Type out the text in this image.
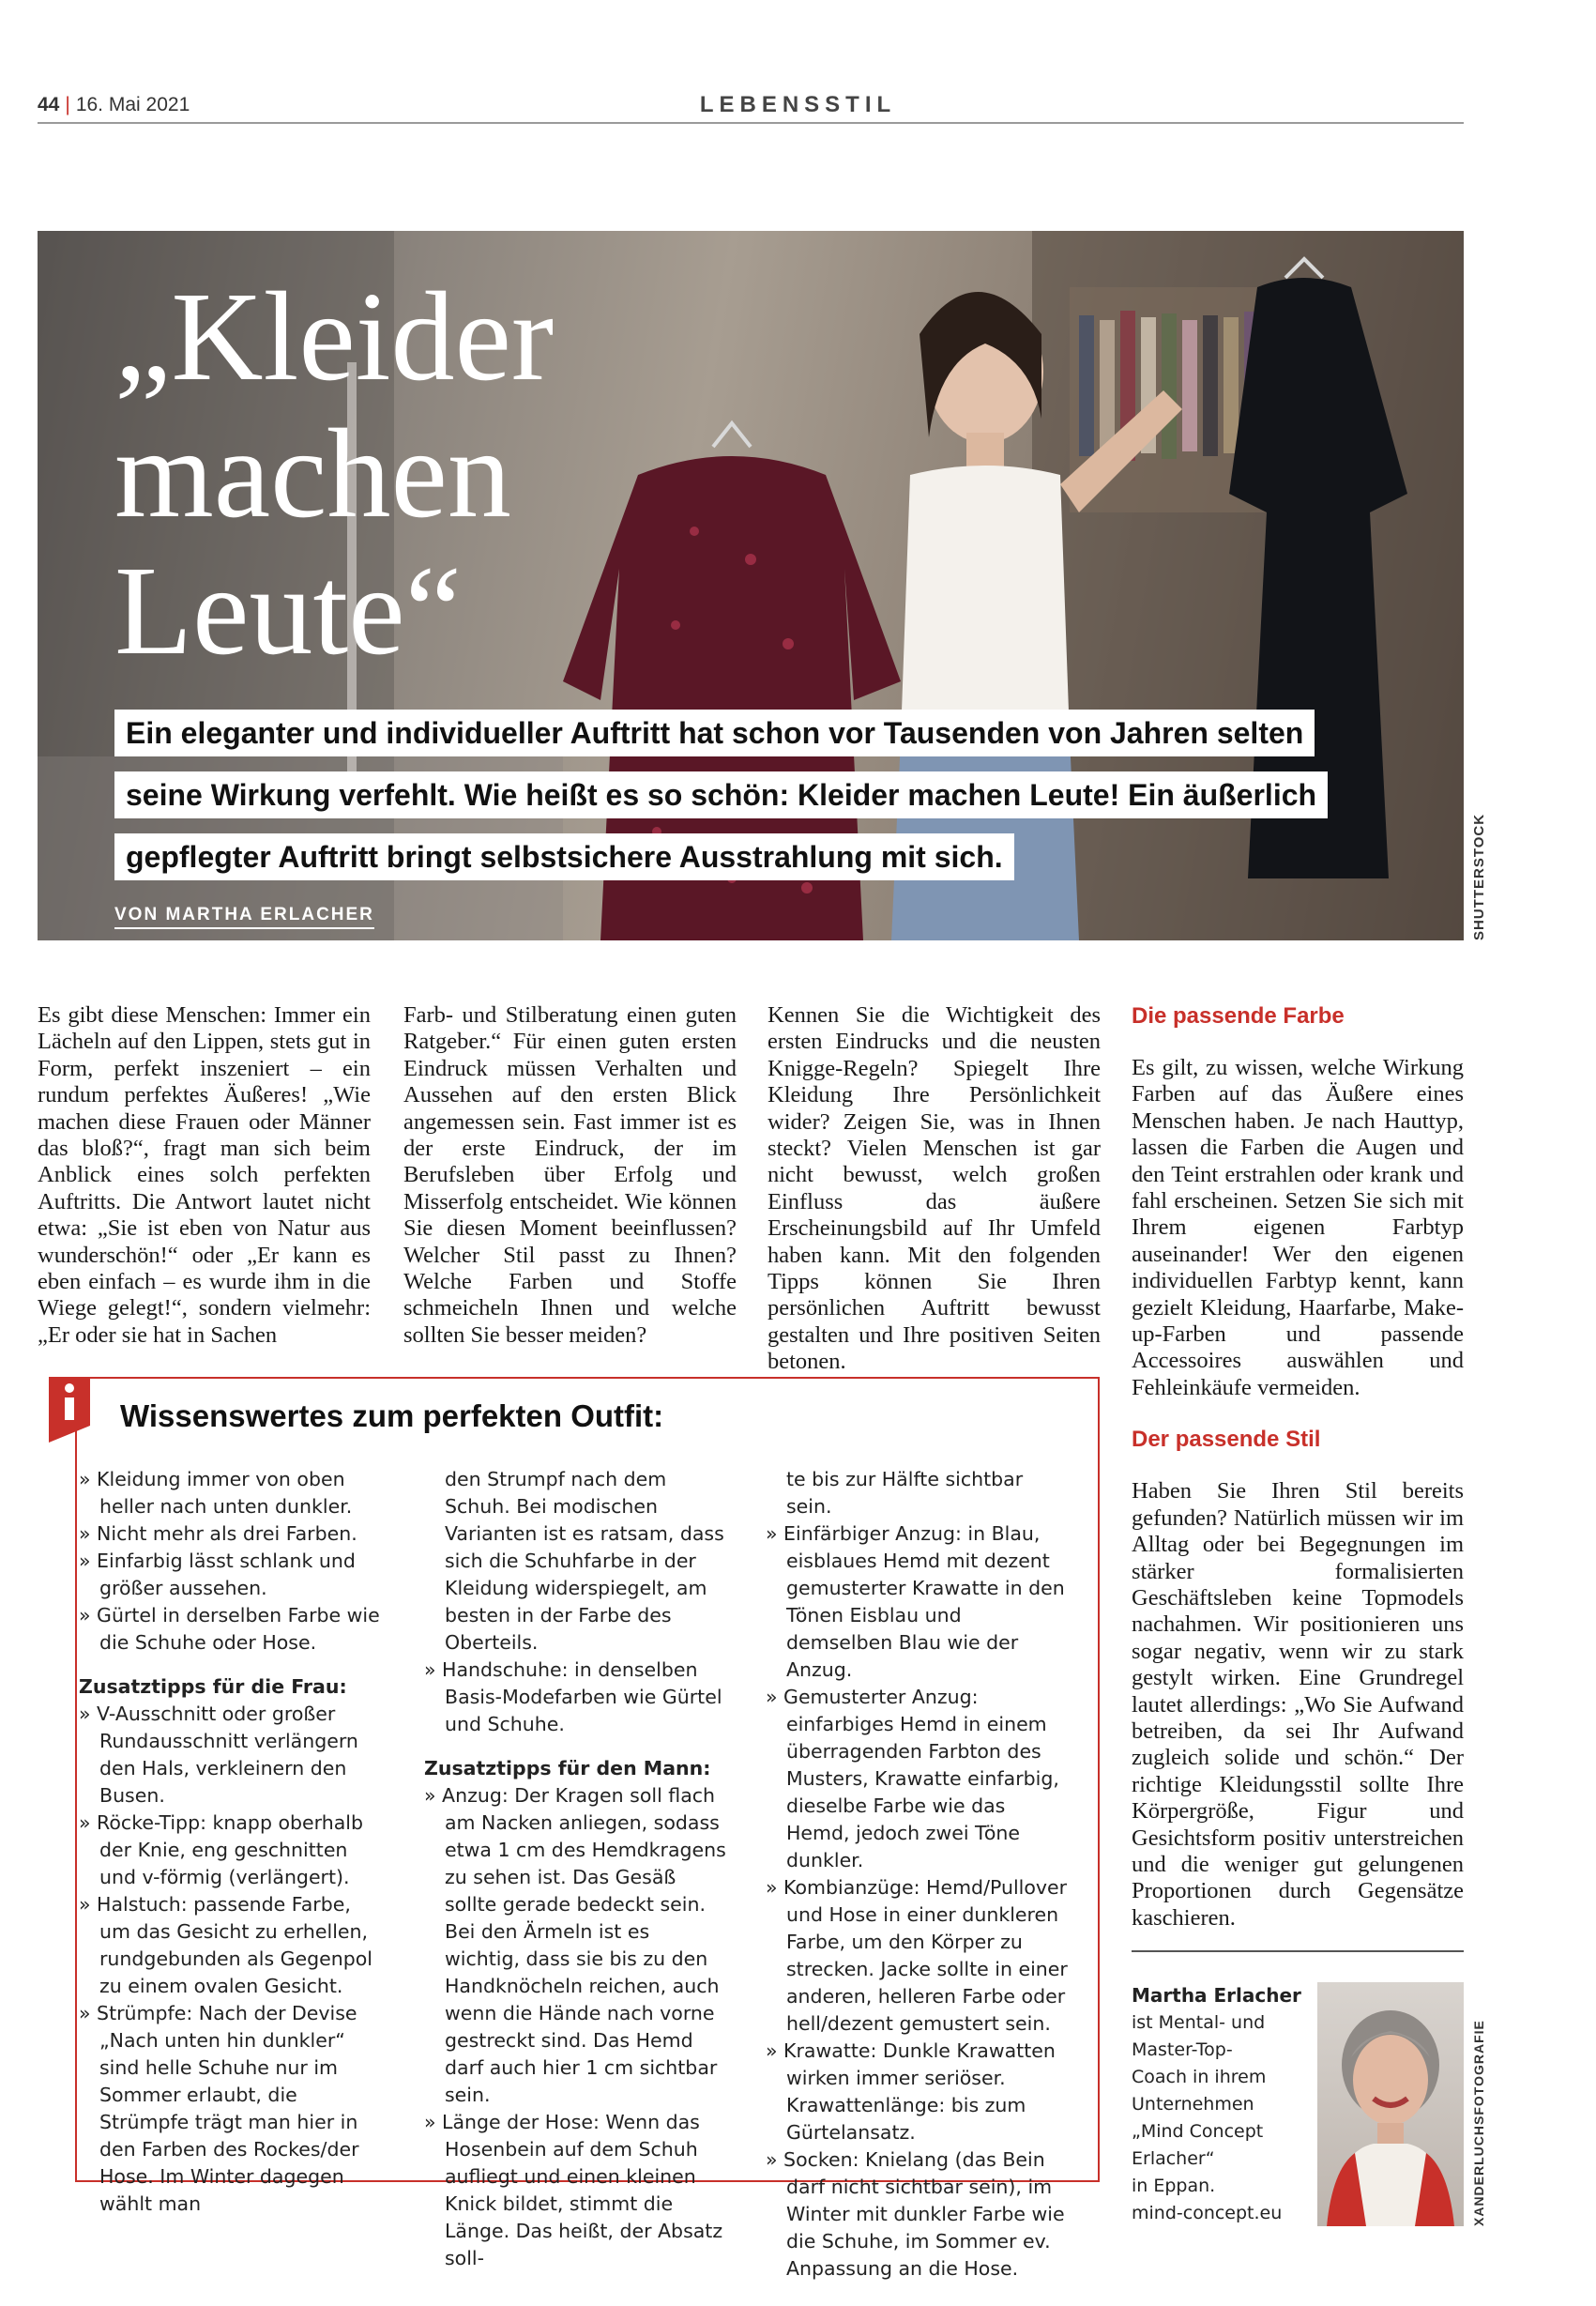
44 | 16. Mai 2021	LEBENSSTIL
„Kleider
machen
Leute“
Ein eleganter und individueller Auftritt hat schon vor Tausenden von Jahren selten
seine Wirkung verfehlt. Wie heißt es so schön: Kleider machen Leute! Ein äußerlich
gepflegter Auftritt bringt selbstsichere Ausstrahlung mit sich.
VON MARTHA ERLACHER	SHUTTERSTOCK

Es gibt diese Menschen: Immer ein Lächeln auf den Lippen, stets gut in Form, perfekt inszeniert – ein rundum perfektes Äußeres! „Wie machen diese Frauen oder Männer das bloß?“, fragt man sich beim Anblick eines solch perfekten Auftritts. Die Antwort lautet nicht etwa: „Sie ist eben von Natur aus wunderschön!“ oder „Er kann es eben einfach – es wurde ihm in die Wiege gelegt!“, sondern vielmehr: „Er oder sie hat in Sachen

Farb- und Stilberatung einen guten Ratgeber.“ Für einen guten ersten Eindruck müssen Verhalten und Aussehen auf den ersten Blick angemessen sein. Fast immer ist es der erste Eindruck, der im Berufsleben über Erfolg und Misserfolg entscheidet. Wie können Sie diesen Moment beeinflussen? Welcher Stil passt zu Ihnen? Welche Farben und Stoffe schmeicheln Ihnen und welche sollten Sie besser meiden?

Kennen Sie die Wichtigkeit des ersten Eindrucks und die neusten Knigge-Regeln? Spiegelt Ihre Kleidung Ihre Persönlichkeit wider? Zeigen Sie, was in Ihnen steckt? Vielen Menschen ist gar nicht bewusst, welch großen Einfluss das äußere Erscheinungsbild auf Ihr Umfeld haben kann. Mit den folgenden Tipps können Sie Ihren persönlichen Auftritt bewusst gestalten und Ihre positiven Seiten betonen.

Die passende Farbe

Es gilt, zu wissen, welche Wirkung Farben auf das Äußere eines Menschen haben. Je nach Hauttyp, lassen die Farben die Augen und den Teint erstrahlen oder krank und fahl erscheinen. Setzen Sie sich mit Ihrem eigenen Farbtyp auseinander! Wer den eigenen individuellen Farbtyp kennt, kann gezielt Kleidung, Haarfarbe, Make-up-Farben und passende Accessoires auswählen und Fehleinkäufe vermeiden.

Der passende Stil

Haben Sie Ihren Stil bereits gefunden? Natürlich müssen wir im Alltag oder bei Begegnungen im stärker formalisierten Geschäftsleben keine Topmodels nachahmen. Wir positionieren uns sogar negativ, wenn wir zu stark gestylt wirken. Eine Grundregel lautet allerdings: „Wo Sie Aufwand betreiben, da sei Ihr Aufwand zugleich solide und schön.“ Der richtige Kleidungsstil sollte Ihre Körpergröße, Figur und Gesichtsform positiv unterstreichen und die weniger gut gelungenen Proportionen durch Gegensätze kaschieren.

Wissenswertes zum perfekten Outfit:
» Kleidung immer von oben heller nach unten dunkler.
» Nicht mehr als drei Farben.
» Einfarbig lässt schlank und größer aussehen.
» Gürtel in derselben Farbe wie die Schuhe oder Hose.
Zusatztipps für die Frau:
» V-Ausschnitt oder großer Rundausschnitt verlängern den Hals, verkleinern den Busen.
» Röcke-Tipp: knapp oberhalb der Knie, eng geschnitten und v-förmig (verlängert).
» Halstuch: passende Farbe, um das Gesicht zu erhellen, rundgebunden als Gegenpol zu einem ovalen Gesicht.
» Strümpfe: Nach der Devise „Nach unten hin dunkler“ sind helle Schuhe nur im Sommer erlaubt, die Strümpfe trägt man hier in den Farben des Rockes/der Hose. Im Winter dagegen wählt man
den Strumpf nach dem Schuh. Bei modischen Varianten ist es ratsam, dass sich die Schuhfarbe in der Kleidung widerspiegelt, am besten in der Farbe des Oberteils.
» Handschuhe: in denselben Basis-Modefarben wie Gürtel und Schuhe.
Zusatztipps für den Mann:
» Anzug: Der Kragen soll flach am Nacken anliegen, sodass etwa 1 cm des Hemdkragens zu sehen ist. Das Gesäß sollte gerade bedeckt sein. Bei den Ärmeln ist es wichtig, dass sie bis zu den Handknöcheln reichen, auch wenn die Hände nach vorne gestreckt sind. Das Hemd darf auch hier 1 cm sichtbar sein.
» Länge der Hose: Wenn das Hosenbein auf dem Schuh aufliegt und einen kleinen Knick bildet, stimmt die Länge. Das heißt, der Absatz soll-
te bis zur Hälfte sichtbar sein.
» Einfärbiger Anzug: in Blau, eisblaues Hemd mit dezent gemusterter Krawatte in den Tönen Eisblau und demselben Blau wie der Anzug.
» Gemusterter Anzug: einfarbiges Hemd in einem überragenden Farbton des Musters, Krawatte einfarbig, dieselbe Farbe wie das Hemd, jedoch zwei Töne dunkler.
» Kombianzüge: Hemd/Pullover und Hose in einer dunkleren Farbe, um den Körper zu strecken. Jacke sollte in einer anderen, helleren Farbe oder hell/dezent gemustert sein.
» Krawatte: Dunkle Krawatten wirken immer seriöser. Krawattenlänge: bis zum Gürtelansatz.
» Socken: Knielang (das Bein darf nicht sichtbar sein), im Winter mit dunkler Farbe wie die Schuhe, im Sommer ev. Anpassung an die Hose.
Martha Erlacher
ist Mental- und
Master-Top-
Coach in ihrem
Unternehmen
„Mind Concept
Erlacher“
in Eppan.
mind-concept.eu	XANDERLUCHSFOTOGRAFIE
